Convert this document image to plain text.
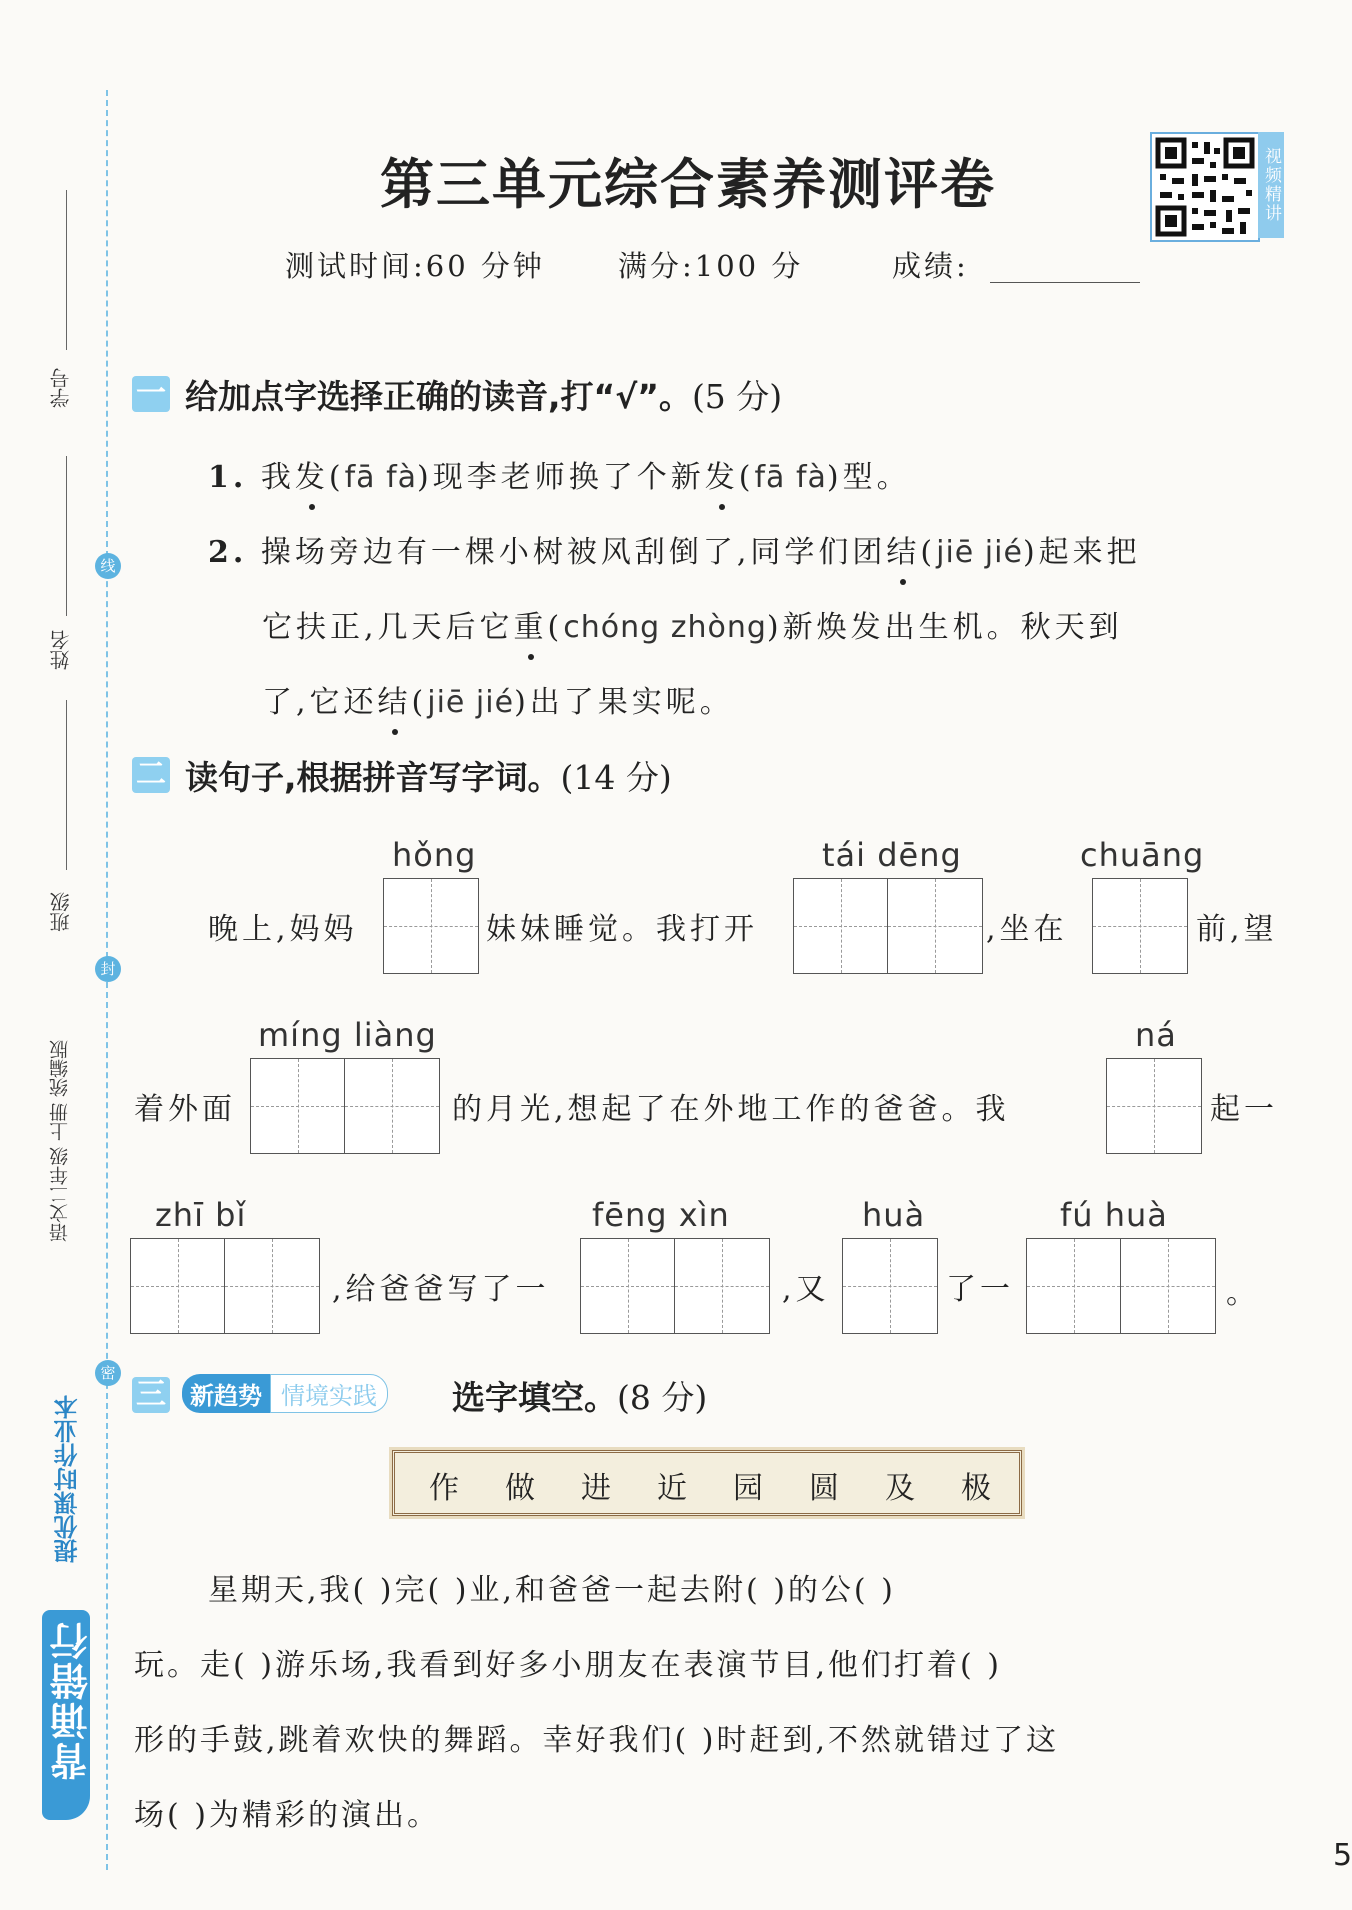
学号
姓名
班级
语文二年级 上册 统编版
线
封
密
提优课时作业本
背诵错行
第三单元综合素养测评卷
测试时间:60 分钟	满分:100 分	成绩:
视频精讲
一 给加点字选择正确的读音,打“√”。(5 分)
1. 我发(fā fà)现李老师换了个新发(fā fà)型。
2. 操场旁边有一棵小树被风刮倒了,同学们团结(jiē jié)起来把
它扶正,几天后它重(chóng zhòng)新焕发出生机。秋天到
了,它还结(jiē jié)出了果实呢。
二 读句子,根据拼音写字词。(14 分)
hǒng	tái dēng	chuāng
晚上,妈妈	妹妹睡觉。我打开	,坐在	前,望
míng liàng	ná
着外面	的月光,想起了在外地工作的爸爸。我	起一
zhī bǐ	fēng xìn	huà	fú huà
,给爸爸写了一	,又	了一	。
三	新趋势 情境实践	选字填空。(8 分)
作 做 进 近 园 圆 及 极
星期天,我( )完( )业,和爸爸一起去附( )的公( )
玩。走( )游乐场,我看到好多小朋友在表演节目,他们打着( )
形的手鼓,跳着欢快的舞蹈。幸好我们( )时赶到,不然就错过了这
场( )为精彩的演出。
5
